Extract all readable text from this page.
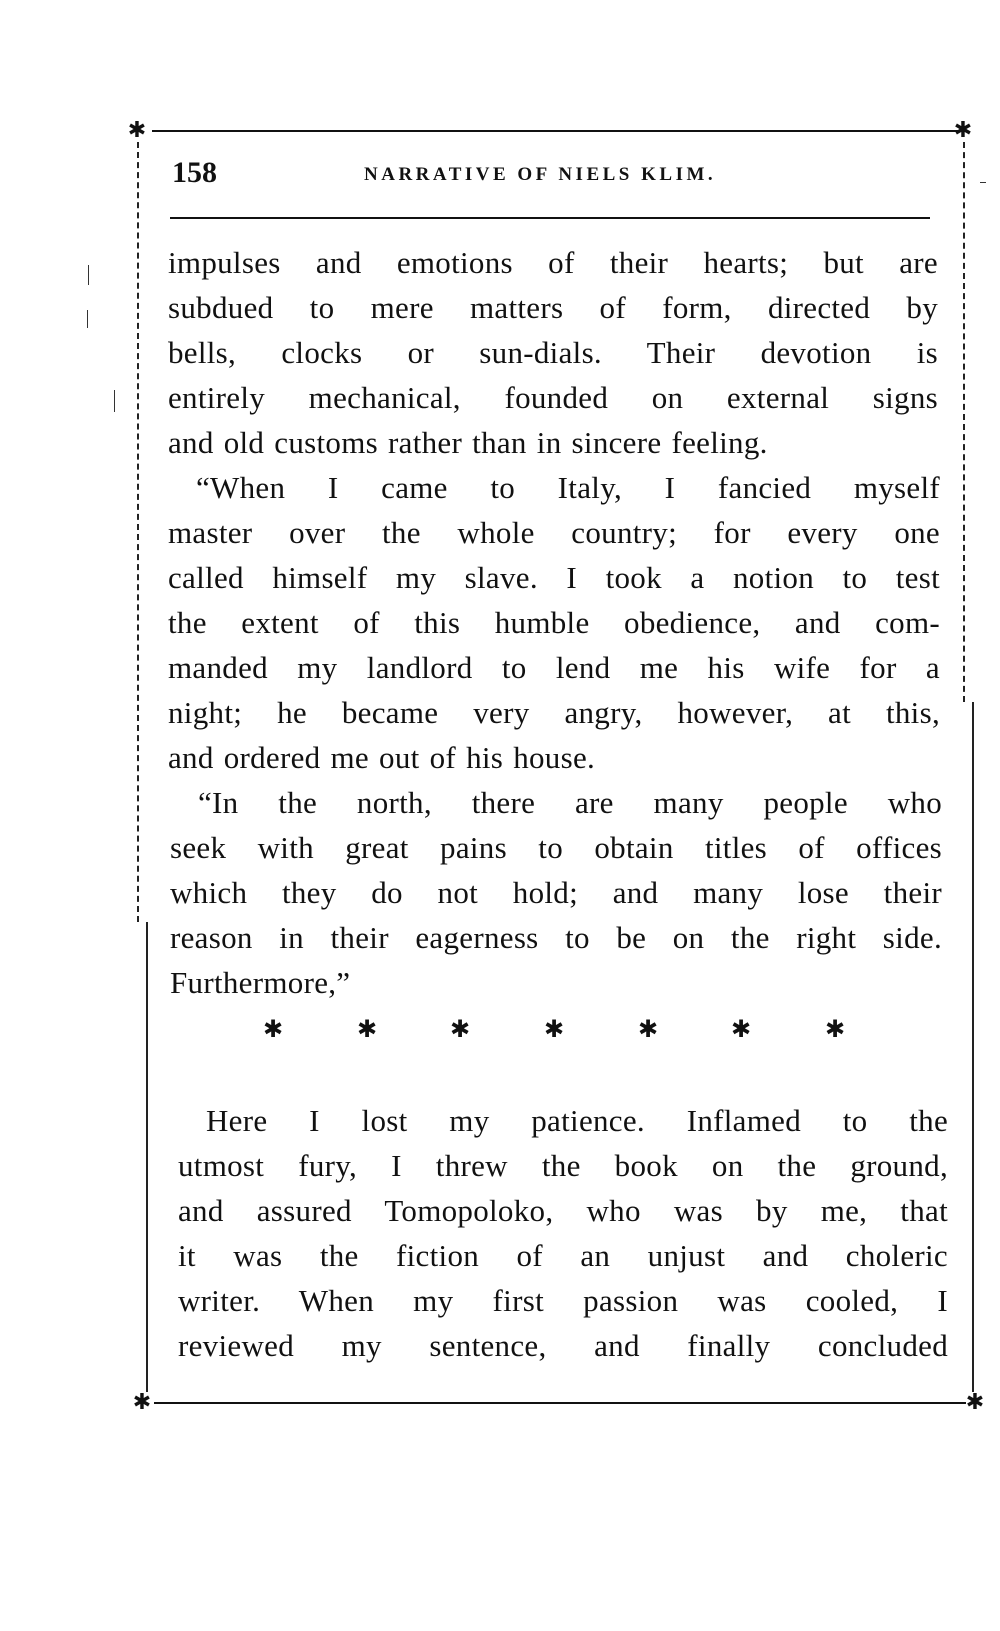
✱	✱
✱	✱
158	NARRATIVE OF NIELS KLIM.
impulses and emotions of their hearts; but are
subdued to mere matters of form, directed by
bells, clocks or sun-dials. Their devotion is
entirely mechanical, founded on external signs
and old customs rather than in sincere feeling.
“When I came to Italy, I fancied myself
master over the whole country; for every one
called himself my slave. I took a notion to test
the extent of this humble obedience, and com-
manded my landlord to lend me his wife for a
night; he became very angry, however, at this,
and ordered me out of his house.
“In the north, there are many people who
seek with great pains to obtain titles of offices
which they do not hold; and many lose their
reason in their eagerness to be on the right side.
Furthermore,”
✱	✱	✱	✱	✱	✱	✱
Here I lost my patience. Inflamed to the
utmost fury, I threw the book on the ground,
and assured Tomopoloko, who was by me, that
it was the fiction of an unjust and choleric
writer. When my first passion was cooled, I
reviewed my sentence, and finally concluded
